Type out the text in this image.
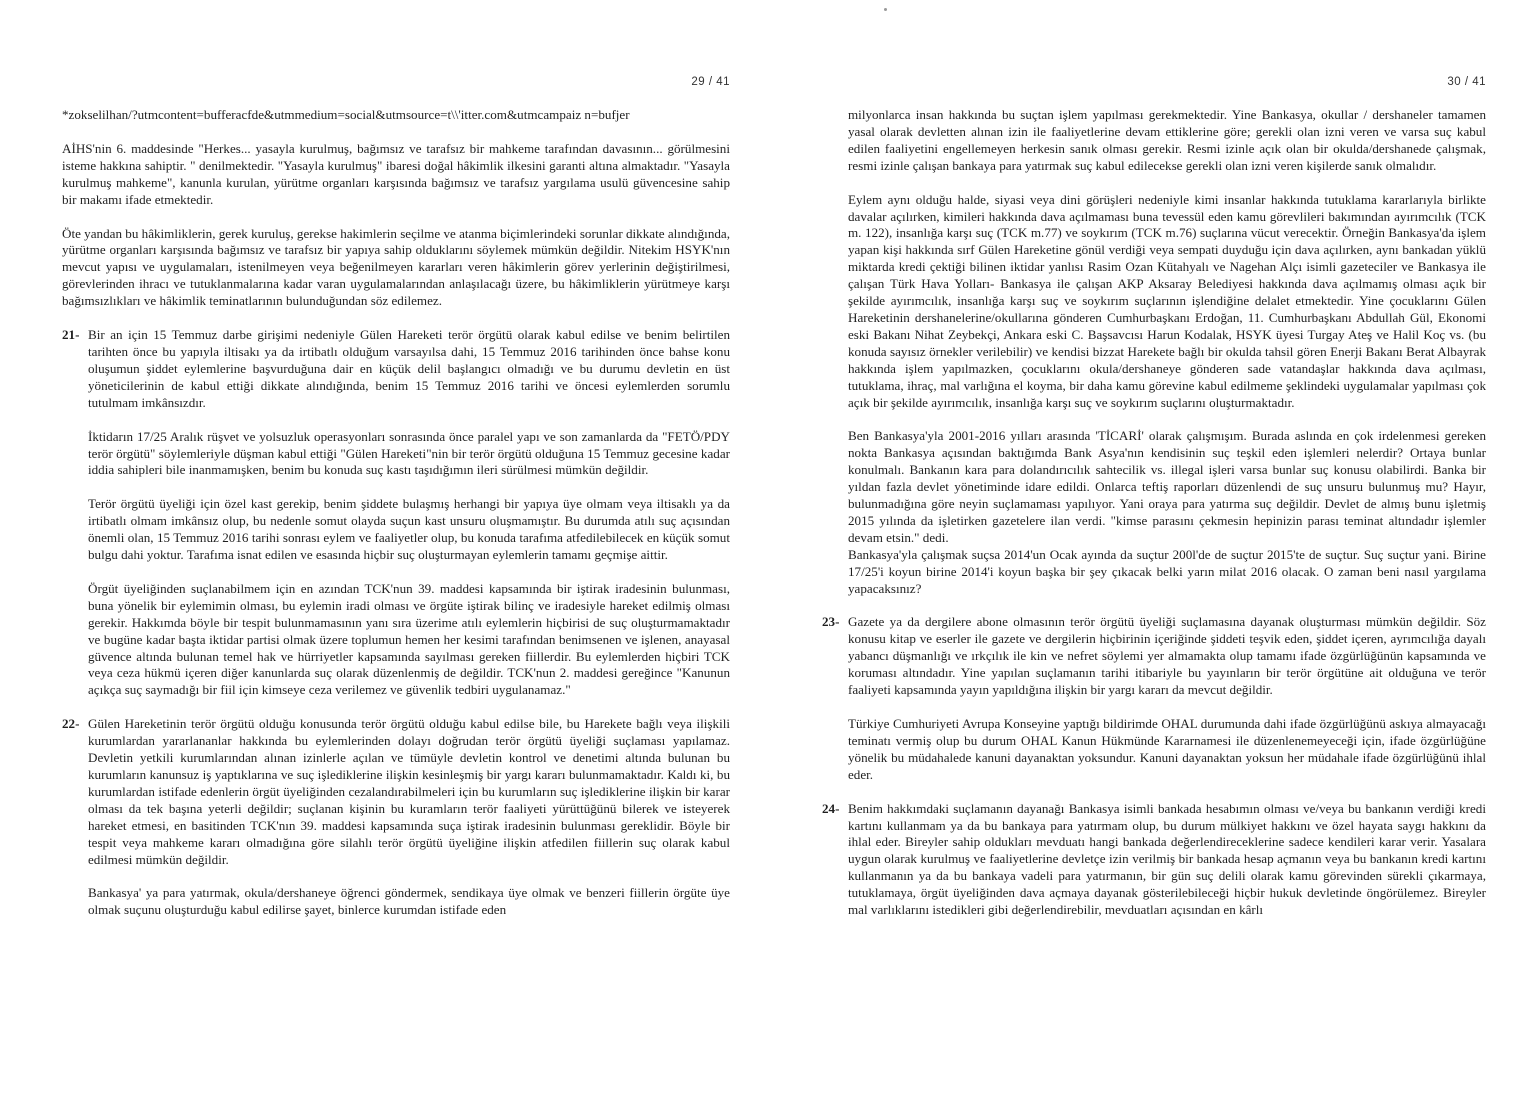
29 / 41

*zokselilhan/?utmcontent=bufferacfde&utmmedium=social&utmsource=t\\'itter.com&utmcampaiz n=bufjer

AİHS'nin 6. maddesinde "Herkes... yasayla kurulmuş, bağımsız ve tarafsız bir mahkeme tarafından davasının... görülmesini isteme hakkına sahiptir. " denilmektedir. "Yasayla kurulmuş" ibaresi doğal hâkimlik ilkesini garanti altına almaktadır. "Yasayla kurulmuş mahkeme", kanunla kurulan, yürütme organları karşısında bağımsız ve tarafsız yargılama usulü güvencesine sahip bir makamı ifade etmektedir.

Öte yandan bu hâkimliklerin, gerek kuruluş, gerekse hakimlerin seçilme ve atanma biçimlerindeki sorunlar dikkate alındığında, yürütme organları karşısında bağımsız ve tarafsız bir yapıya sahip olduklarını söylemek mümkün değildir. Nitekim HSYK'nın mevcut yapısı ve uygulamaları, istenilmeyen veya beğenilmeyen kararları veren hâkimlerin görev yerlerinin değiştirilmesi, görevlerinden ihracı ve tutuklanmalarına kadar varan uygulamalarından anlaşılacağı üzere, bu hâkimliklerin yürütmeye karşı bağımsızlıkları ve hâkimlik teminatlarının bulunduğundan söz edilemez.

21- Bir an için 15 Temmuz darbe girişimi nedeniyle Gülen Hareketi terör örgütü olarak kabul edilse ve benim belirtilen tarihten önce bu yapıyla iltisakı ya da irtibatlı olduğum varsayılsa dahi, 15 Temmuz 2016 tarihinden önce bahse konu oluşumun şiddet eylemlerine başvurduğuna dair en küçük delil başlangıcı olmadığı ve bu durumu devletin en üst yöneticilerinin de kabul ettiği dikkate alındığında, benim 15 Temmuz 2016 tarihi ve öncesi eylemlerden sorumlu tutulmam imkânsızdır.

İktidarın 17/25 Aralık rüşvet ve yolsuzluk operasyonları sonrasında önce paralel yapı ve son zamanlarda da "FETÖ/PDY terör örgütü" söylemleriyle düşman kabul ettiği "Gülen Hareketi"nin bir terör örgütü olduğuna 15 Temmuz gecesine kadar iddia sahipleri bile inanmamışken, benim bu konuda suç kastı taşıdığımın ileri sürülmesi mümkün değildir.

Terör örgütü üyeliği için özel kast gerekip, benim şiddete bulaşmış herhangi bir yapıya üye olmam veya iltisaklı ya da irtibatlı olmam imkânsız olup, bu nedenle somut olayda suçun kast unsuru oluşmamıştır. Bu durumda atılı suç açısından önemli olan, 15 Temmuz 2016 tarihi sonrası eylem ve faaliyetler olup, bu konuda tarafıma atfedilebilecek en küçük somut bulgu dahi yoktur. Tarafıma isnat edilen ve esasında hiçbir suç oluşturmayan eylemlerin tamamı geçmişe aittir.

Örgüt üyeliğinden suçlanabilmem için en azından TCK'nun 39. maddesi kapsamında bir iştirak iradesinin bulunması, buna yönelik bir eylemimin olması, bu eylemin iradi olması ve örgüte iştirak bilinç ve iradesiyle hareket edilmiş olması gerekir. Hakkımda böyle bir tespit bulunmamasının yanı sıra üzerime atılı eylemlerin hiçbirisi de suç oluşturmamaktadır ve bugüne kadar başta iktidar partisi olmak üzere toplumun hemen her kesimi tarafından benimsenen ve işlenen, anayasal güvence altında bulunan temel hak ve hürriyetler kapsamında sayılması gereken fiillerdir. Bu eylemlerden hiçbiri TCK veya ceza hükmü içeren diğer kanunlarda suç olarak düzenlenmiş de değildir. TCK'nun 2. maddesi gereğince "Kanunun açıkça suç saymadığı bir fiil için kimseye ceza verilemez ve güvenlik tedbiri uygulanamaz."

22- Gülen Hareketinin terör örgütü olduğu konusunda terör örgütü olduğu kabul edilse bile, bu Harekete bağlı veya ilişkili kurumlardan yararlananlar hakkında bu eylemlerinden dolayı doğrudan terör örgütü üyeliği suçlaması yapılamaz. Devletin yetkili kurumlarından alınan izinlerle açılan ve tümüyle devletin kontrol ve denetimi altında bulunan bu kurumların kanunsuz iş yaptıklarına ve suç işlediklerine ilişkin kesinleşmiş bir yargı kararı bulunmamaktadır. Kaldı ki, bu kurumlardan istifade edenlerin örgüt üyeliğinden cezalandırabilmeleri için bu kurumların suç işlediklerine ilişkin bir karar olması da tek başına yeterli değildir; suçlanan kişinin bu kuramların terör faaliyeti yürüttüğünü bilerek ve isteyerek hareket etmesi, en basitinden TCK'nın 39. maddesi kapsamında suça iştirak iradesinin bulunması gereklidir. Böyle bir tespit veya mahkeme kararı olmadığına göre silahlı terör örgütü üyeliğine ilişkin atfedilen fiillerin suç olarak kabul edilmesi mümkün değildir.

Bankasya' ya para yatırmak, okula/dershaneye öğrenci göndermek, sendikaya üye olmak ve benzeri fiillerin örgüte üye olmak suçunu oluşturduğu kabul edilirse şayet, binlerce kurumdan istifade eden

30 / 41

milyonlarca insan hakkında bu suçtan işlem yapılması gerekmektedir. Yine Bankasya, okullar / dershaneler tamamen yasal olarak devletten alınan izin ile faaliyetlerine devam ettiklerine göre; gerekli olan izni veren ve varsa suç kabul edilen faaliyetini engellemeyen herkesin sanık olması gerekir. Resmi izinle açık olan bir okulda/dershanede çalışmak, resmi izinle çalışan bankaya para yatırmak suç kabul edilecekse gerekli olan izni veren kişilerde sanık olmalıdır.

Eylem aynı olduğu halde, siyasi veya dini görüşleri nedeniyle kimi insanlar hakkında tutuklama kararlarıyla birlikte davalar açılırken, kimileri hakkında dava açılmaması buna tevessül eden kamu görevlileri bakımından ayırımcılık (TCK m. 122), insanlığa karşı suç (TCK m.77) ve soykırım (TCK m.76) suçlarına vücut verecektir. Örneğin Bankasya'da işlem yapan kişi hakkında sırf Gülen Hareketine gönül verdiği veya sempati duyduğu için dava açılırken, aynı bankadan yüklü miktarda kredi çektiği bilinen iktidar yanlısı Rasim Ozan Kütahyalı ve Nagehan Alçı isimli gazeteciler ve Bankasya ile çalışan Türk Hava Yolları- Bankasya ile çalışan AKP Aksaray Belediyesi hakkında dava açılmamış olması açık bir şekilde ayırımcılık, insanlığa karşı suç ve soykırım suçlarının işlendiğine delalet etmektedir. Yine çocuklarını Gülen Hareketinin dershanelerine/okullarına gönderen Cumhurbaşkanı Erdoğan, 11. Cumhurbaşkanı Abdullah Gül, Ekonomi eski Bakanı Nihat Zeybekçi, Ankara eski C. Başsavcısı Harun Kodalak, HSYK üyesi Turgay Ateş ve Halil Koç vs. (bu konuda sayısız örnekler verilebilir) ve kendisi bizzat Harekete bağlı bir okulda tahsil gören Enerji Bakanı Berat Albayrak hakkında işlem yapılmazken, çocuklarını okula/dershaneye gönderen sade vatandaşlar hakkında dava açılması, tutuklama, ihraç, mal varlığına el koyma, bir daha kamu görevine kabul edilmeme şeklindeki uygulamalar yapılması çok açık bir şekilde ayırımcılık, insanlığa karşı suç ve soykırım suçlarını oluşturmaktadır.

Ben Bankasya'yla 2001-2016 yılları arasında 'TİCARİ' olarak çalışmışım. Burada aslında en çok irdelenmesi gereken nokta Bankasya açısından baktığımda Bank Asya'nın kendisinin suç teşkil eden işlemleri nelerdir? Ortaya bunlar konulmalı. Bankanın kara para dolandırıcılık sahtecilik vs. illegal işleri varsa bunlar suç konusu olabilirdi. Banka bir yıldan fazla devlet yönetiminde idare edildi. Onlarca teftiş raporları düzenlendi de suç unsuru bulunmuş mu? Hayır, bulunmadığına göre neyin suçlamaması yapılıyor. Yani oraya para yatırma suç değildir. Devlet de almış bunu işletmiş 2015 yılında da işletirken gazetelere ilan verdi. "kimse parasını çekmesin hepinizin parası teminat altındadır işlemler devam etsin." dedi.

Bankasya'yla çalışmak suçsa 2014'un Ocak ayında da suçtur 200l'de de suçtur 2015'te de suçtur. Suç suçtur yani. Birine 17/25'i koyun birine 2014'i koyun başka bir şey çıkacak belki yarın milat 2016 olacak. O zaman beni nasıl yargılama yapacaksınız?

23- Gazete ya da dergilere abone olmasının terör örgütü üyeliği suçlamasına dayanak oluşturması mümkün değildir. Söz konusu kitap ve eserler ile gazete ve dergilerin hiçbirinin içeriğinde şiddeti teşvik eden, şiddet içeren, ayrımcılığa dayalı yabancı düşmanlığı ve ırkçılık ile kin ve nefret söylemi yer almamakta olup tamamı ifade özgürlüğünün kapsamında ve koruması altındadır. Yine yapılan suçlamanın tarihi itibariyle bu yayınların bir terör örgütüne ait olduğuna ve terör faaliyeti kapsamında yayın yapıldığına ilişkin bir yargı kararı da mevcut değildir.

Türkiye Cumhuriyeti Avrupa Konseyine yaptığı bildirimde OHAL durumunda dahi ifade özgürlüğünü askıya almayacağı teminatı vermiş olup bu durum OHAL Kanun Hükmünde Kararnamesi ile düzenlenemeyeceği için, ifade özgürlüğüne yönelik bu müdahalede kanuni dayanaktan yoksundur. Kanuni dayanaktan yoksun her müdahale ifade özgürlüğünü ihlal eder.

24- Benim hakkımdaki suçlamanın dayanağı Bankasya isimli bankada hesabımın olması ve/veya bu bankanın verdiği kredi kartını kullanmam ya da bu bankaya para yatırmam olup, bu durum mülkiyet hakkını ve özel hayata saygı hakkını da ihlal eder. Bireyler sahip oldukları mevduatı hangi bankada değerlendireceklerine sadece kendileri karar verir. Yasalara uygun olarak kurulmuş ve faaliyetlerine devletçe izin verilmiş bir bankada hesap açmanın veya bu bankanın kredi kartını kullanmanın ya da bu bankaya vadeli para yatırmanın, bir gün suç delili olarak kamu görevinden sürekli çıkarmaya, tutuklamaya, örgüt üyeliğinden dava açmaya dayanak gösterilebileceği hiçbir hukuk devletinde öngörülemez. Bireyler mal varlıklarını istedikleri gibi değerlendirebilir, mevduatları açısından en kârlı
